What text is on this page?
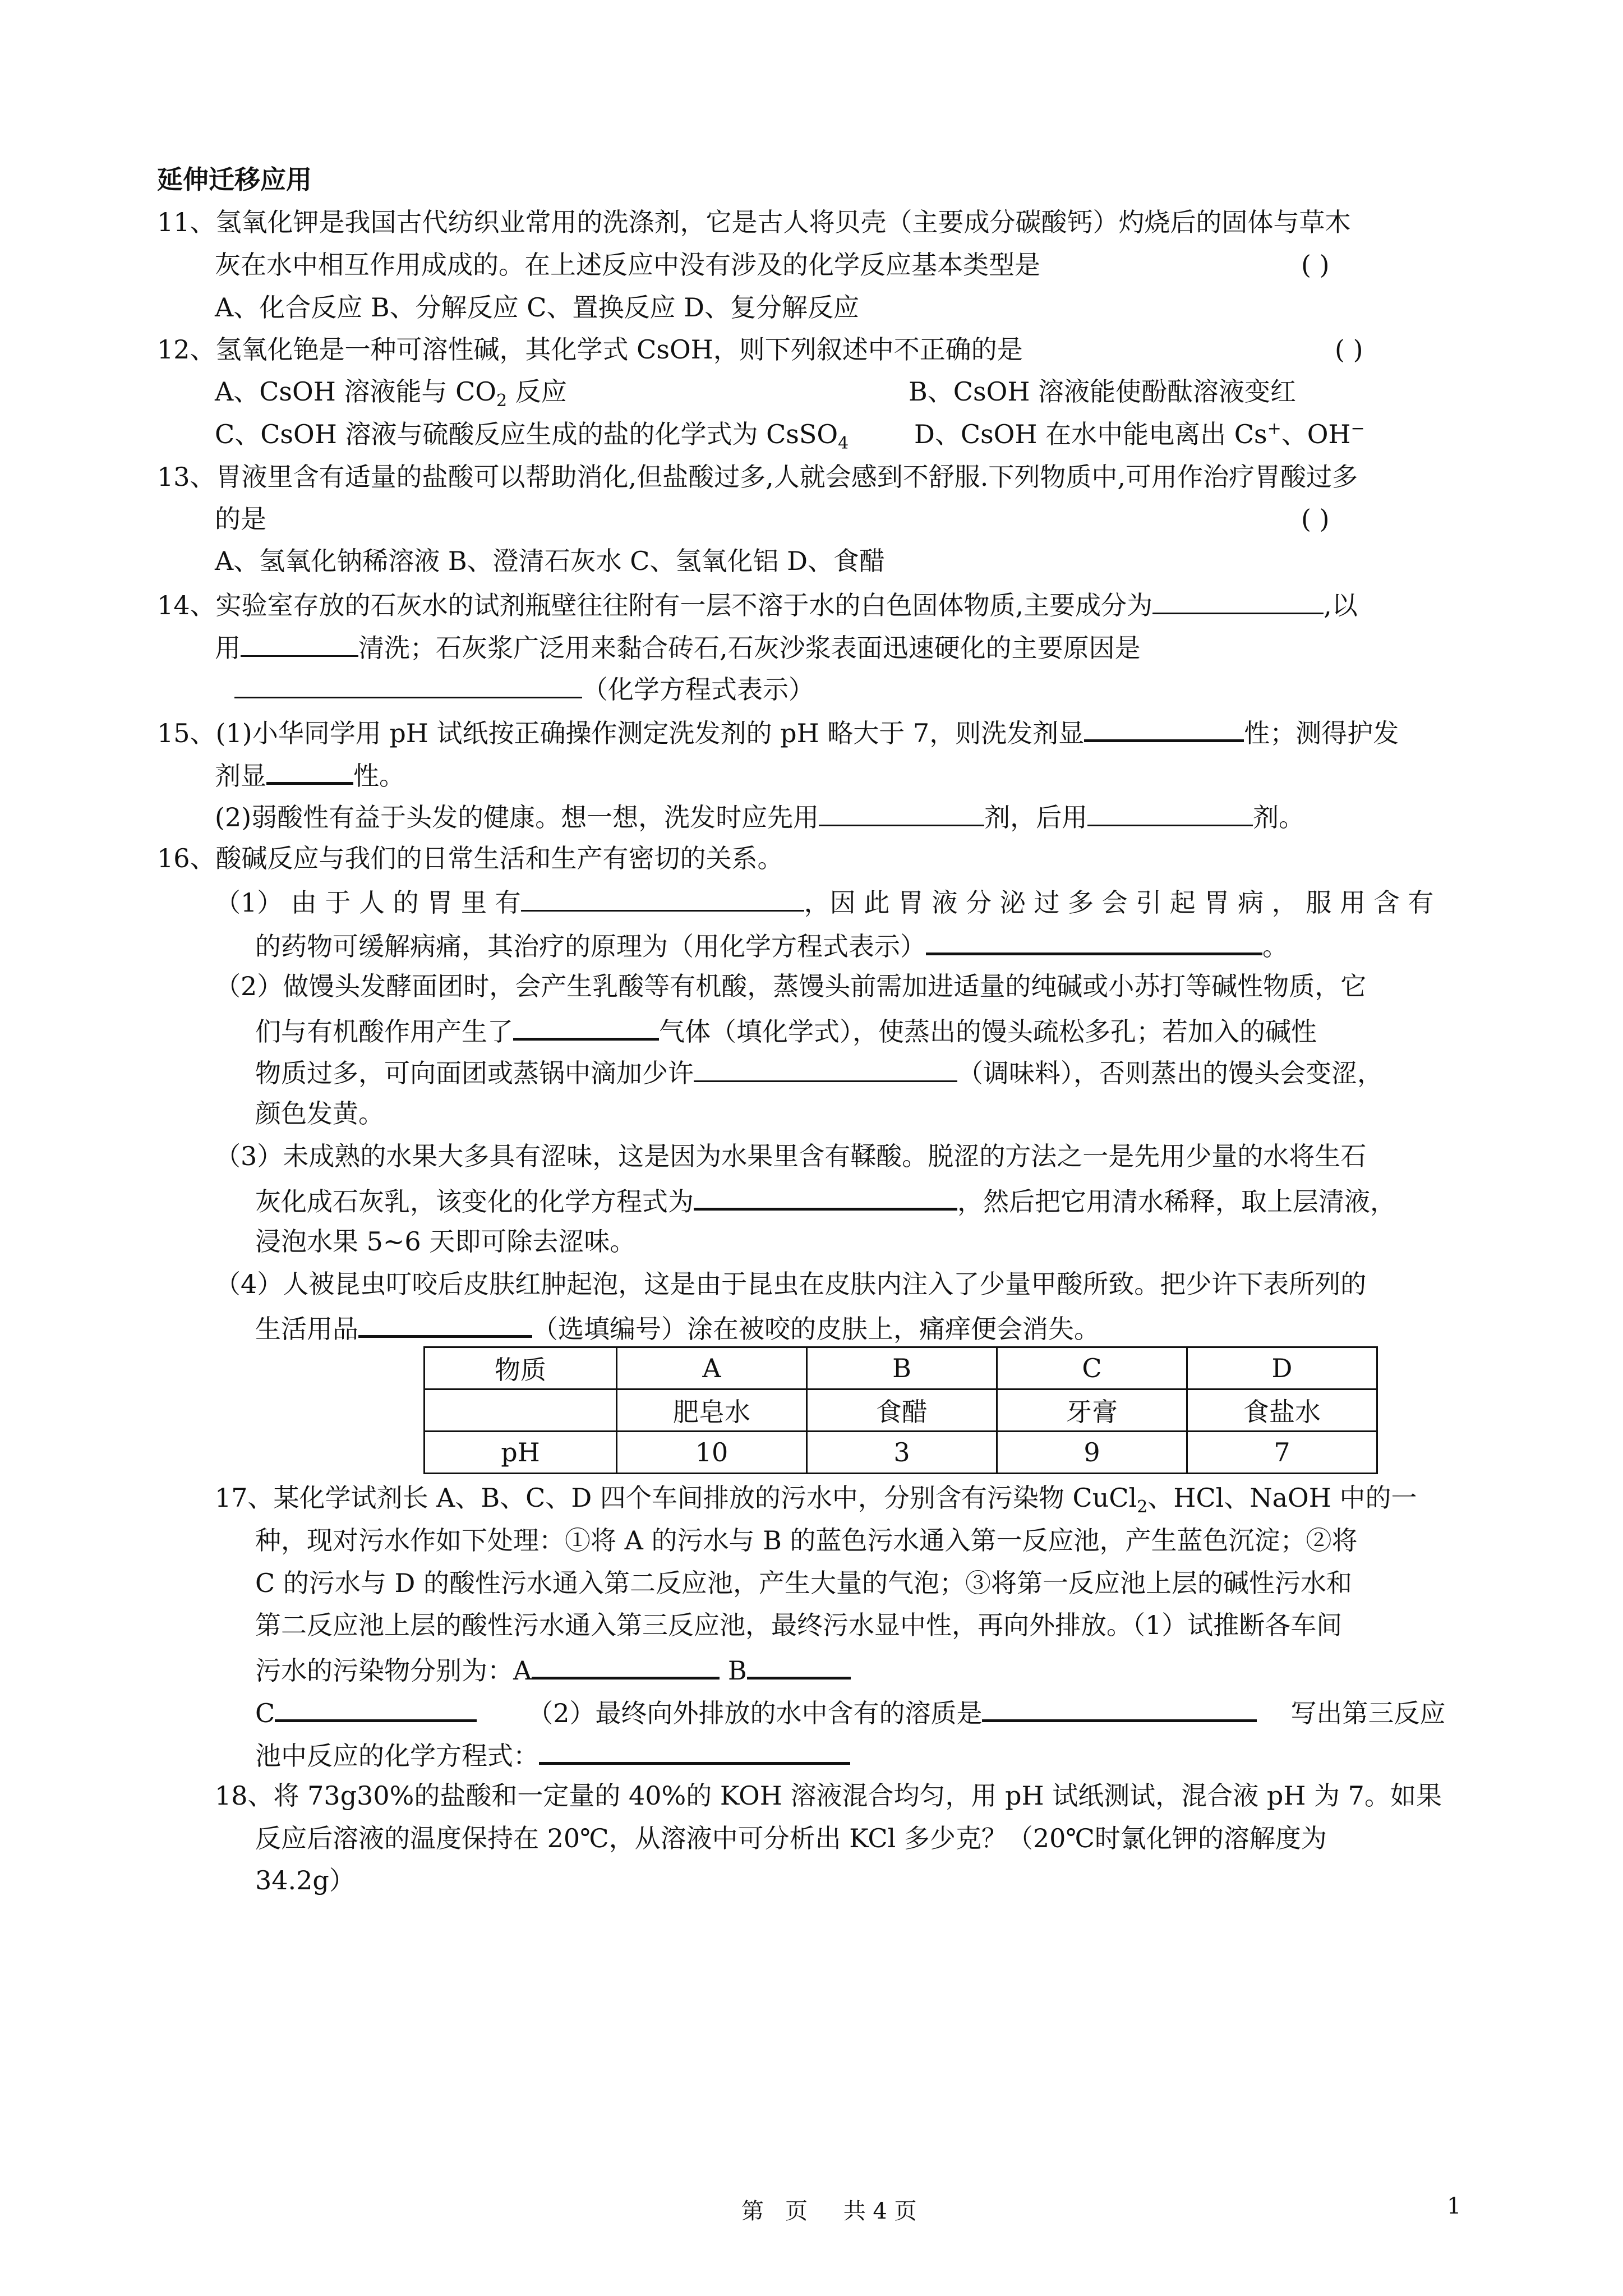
延伸迁移应用
11、氢氧化钾是我国古代纺织业常用的洗涤剂，它是古人将贝壳（主要成分碳酸钙）灼烧后的固体与草木
灰在水中相互作用成成的。在上述反应中没有涉及的化学反应基本类型是	( )
A、化合反应 B、分解反应 C、置换反应 D、复分解反应
12、氢氧化铯是一种可溶性碱，其化学式 CsOH，则下列叙述中不正确的是	( )
A、CsOH 溶液能与 $CO_2$ 反应	B、CsOH 溶液能使酚酞溶液变红
C、CsOH 溶液与硫酸反应生成的盐的化学式为 CsSO$_4$	D、CsOH 在水中能电离出 Cs+、OH−
13、胃液里含有适量的盐酸可以帮助消化,但盐酸过多,人就会感到不舒服.下列物质中,可用作治疗胃酸过多
的是	( )
A、氢氧化钠稀溶液 B、澄清石灰水 C、氢氧化铝 D、食醋
14、实验室存放的石灰水的试剂瓶壁往往附有一层不溶于水的白色固体物质,主要成分为	,以
用	清洗；石灰浆广泛用来黏合砖石,石灰沙浆表面迅速硬化的主要原因是
（化学方程式表示）
15、(1)小华同学用 pH 试纸按正确操作测定洗发剂的 pH 略大于 7，则洗发剂显	性；测得护发
剂显	性。
(2)弱酸性有益于头发的健康。想一想，洗发时应先用	剂，后用	剂。
16、酸碱反应与我们的日常生活和生产有密切的关系。
（1） 由 于 人 的 胃 里 有	，因 此 胃 液 分 泌 过 多 会 引 起 胃 病 ， 服 用 含 有
的药物可缓解病痛，其治疗的原理为（用化学方程式表示）	。
（2）做馒头发酵面团时，会产生乳酸等有机酸，蒸馒头前需加进适量的纯碱或小苏打等碱性物质，它
们与有机酸作用产生了	气体（填化学式），使蒸出的馒头疏松多孔；若加入的碱性
物质过多，可向面团或蒸锅中滴加少许	（调味料），否则蒸出的馒头会变涩，
颜色发黄。
（3）未成熟的水果大多具有涩味，这是因为水果里含有鞣酸。脱涩的方法之一是先用少量的水将生石
灰化成石灰乳，该变化的化学方程式为	，然后把它用清水稀释，取上层清液，
浸泡水果 5~6 天即可除去涩味。
（4）人被昆虫叮咬后皮肤红肿起泡，这是由于昆虫在皮肤内注入了少量甲酸所致。把少许下表所列的
生活用品	（选填编号）涂在被咬的皮肤上，痛痒便会消失。
物质	A	B	C	D
	肥皂水	食醋	牙膏	食盐水
pH	10	3	9	7
17、某化学试剂长 A、B、C、D 四个车间排放的污水中，分别含有污染物 CuCl$_2$、HCl、NaOH 中的一
种，现对污水作如下处理：①将 A 的污水与 B 的蓝色污水通入第一反应池，产生蓝色沉淀；②将
C 的污水与 D 的酸性污水通入第二反应池，产生大量的气泡；③将第一反应池上层的碱性污水和
第二反应池上层的酸性污水通入第三反应池，最终污水显中性，再向外排放。（1）试推断各车间
污水的污染物分别为：A	B
C	（2）最终向外排放的水中含有的溶质是	写出第三反应
池中反应的化学方程式：
18、将 73g30%的盐酸和一定量的 40%的 KOH 溶液混合均匀，用 pH 试纸测试，混合液 pH 为 7。如果
反应后溶液的温度保持在 20℃，从溶液中可分析出 KCl 多少克？（20℃时氯化钾的溶解度为
34.2g）
第   页     共 4 页	1
